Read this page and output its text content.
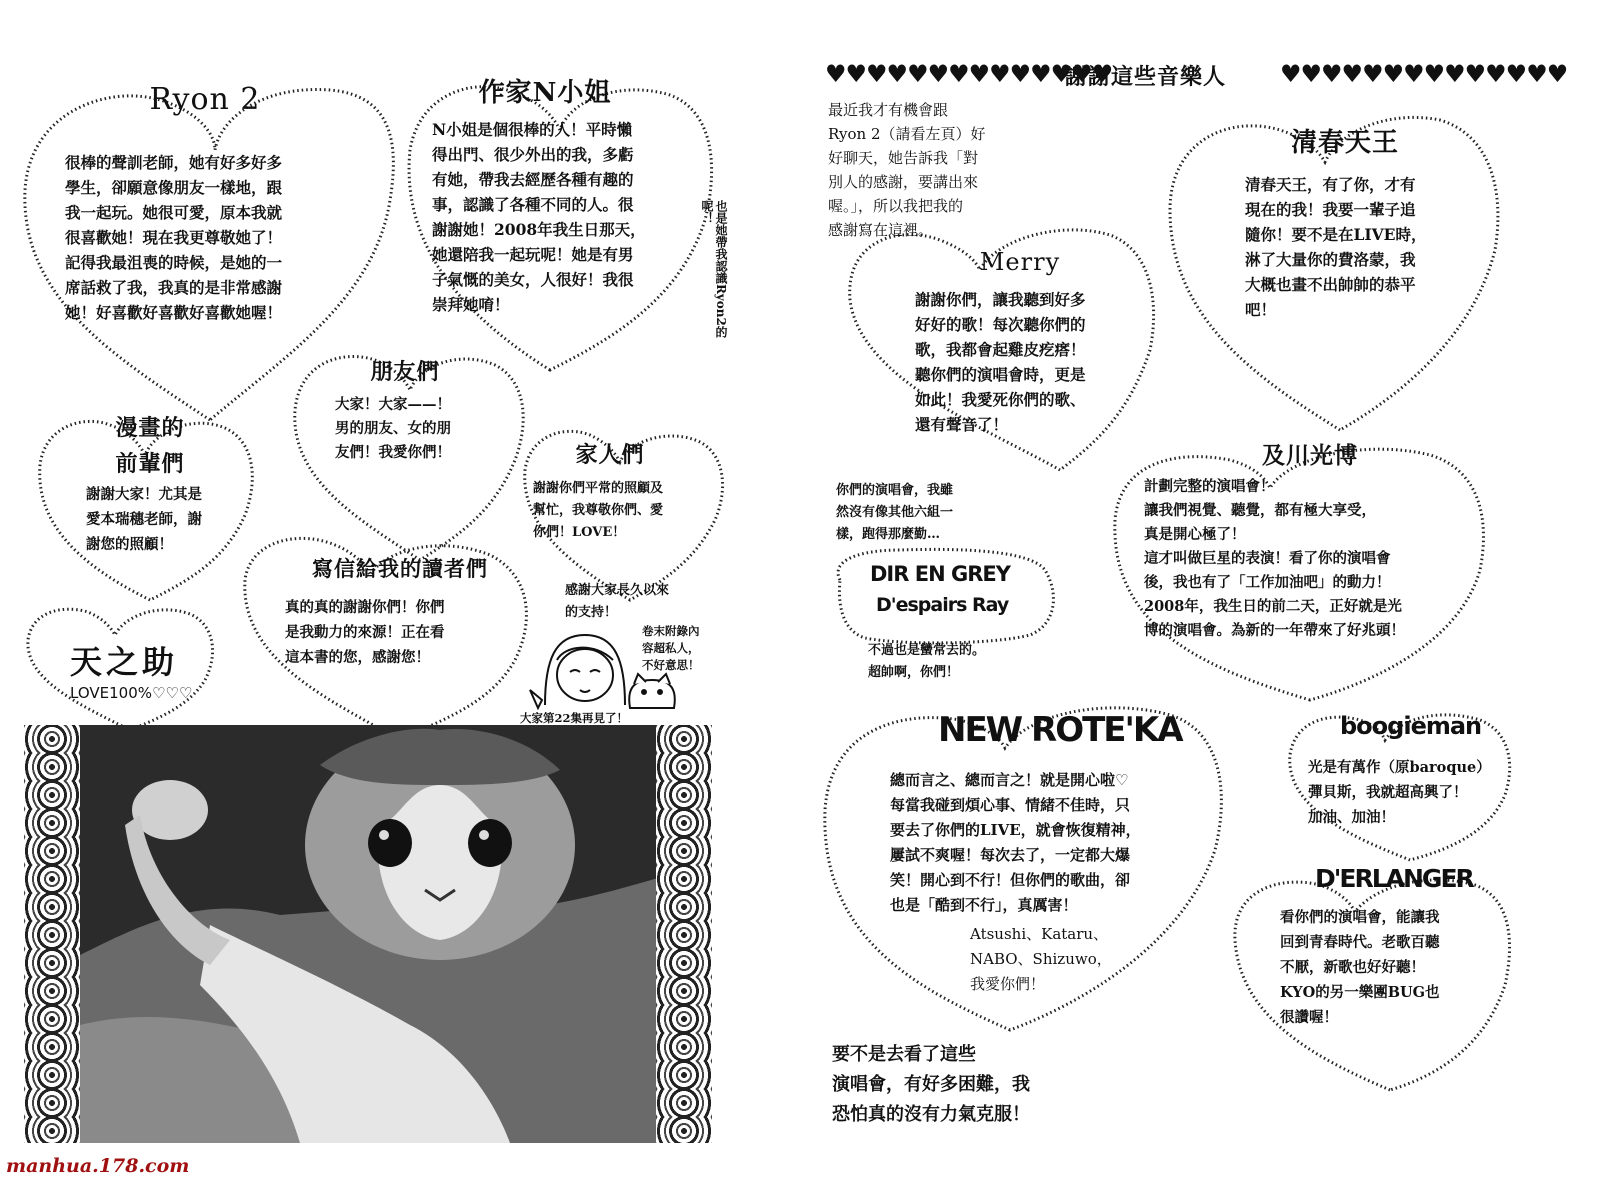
Ryon 2
很棒的聲訓老師，她有好多好多
學生，卻願意像朋友一樣地，跟
我一起玩。她很可愛，原本我就
很喜歡她！現在我更尊敬她了！
記得我最沮喪的時候，是她的一
席話救了我，我真的是非常感謝
她！好喜歡好喜歡好喜歡她喔！
作家N小姐
N小姐是個很棒的人！平時懶
得出門、很少外出的我，多虧
有她，帶我去經歷各種有趣的
事，認識了各種不同的人。很
謝謝她！2008年我生日那天，
她還陪我一起玩呢！她是有男
子氣慨的美女，人很好！我很
崇拜她唷！	也是她帶我認識Ryon2的呢！
朋友們
大家！大家——！
男的朋友、女的朋
友們！我愛你們！
漫畫的
前輩們
謝謝大家！尤其是
愛本瑞穗老師，謝
謝您的照顧！
家人們
謝謝你們平常的照顧及
幫忙，我尊敬你們、愛
你們！LOVE！
寫信給我的讀者們
真的真的謝謝你們！你們
是我動力的來源！正在看
這本書的您，感謝您！
天之助
LOVE100%♡♡♡
感謝大家長久以來
的支持！
卷末附錄內
容超私人，
不好意思！
大家第22集再見了！

♥♥♥♥♥♥♥♥♥♥♥♥♥♥

謝謝這些音樂人 ♥♥♥♥♥♥♥♥♥♥♥♥♥♥

最近我才有機會跟
Ryon 2（請看左頁）好
好聊天，她告訴我「對
別人的感謝，要講出來
喔。」，所以我把我的
感謝寫在這裡。
清春天王
清春天王，有了你，才有
現在的我！我要一輩子追
隨你！要不是在LIVE時，
淋了大量你的費洛蒙，我
大概也畫不出帥帥的恭平
吧！
Merry
謝謝你們，讓我聽到好多
好好的歌！每次聽你們的
歌，我都會起雞皮疙瘩！
聽你們的演唱會時，更是
如此！我愛死你們的歌、
還有聲音了！
及川光博
計劃完整的演唱會！
讓我們視覺、聽覺，都有極大享受，
真是開心極了！
這才叫做巨星的表演！看了你的演唱會
後，我也有了「工作加油吧」的動力！
2008年，我生日的前二天，正好就是光
博的演唱會。為新的一年帶來了好兆頭！
你們的演唱會，我雖
然沒有像其他六組一
樣，跑得那麼勤…
DIR EN GREY
D'espairs Ray
不過也是蠻常去的。
超帥啊，你們！
NEW ROTE'KA
總而言之、總而言之！就是開心啦♡
每當我碰到煩心事、情緒不佳時，只
要去了你們的LIVE，就會恢復精神，
屢試不爽喔！每次去了，一定都大爆
笑！開心到不行！但你們的歌曲，卻
也是「酷到不行」，真厲害！
Atsushi、Kataru、
NABO、Shizuwo，
我愛你們！
boogieman
光是有萬作（原baroque）
彈貝斯，我就超高興了！
加油、加油！
D'ERLANGER
看你們的演唱會，能讓我
回到青春時代。老歌百聽
不厭，新歌也好好聽！
KYO的另一樂團BUG也
很讚喔！
要不是去看了這些
演唱會，有好多困難，我
恐怕真的沒有力氣克服！
manhua.178.com
